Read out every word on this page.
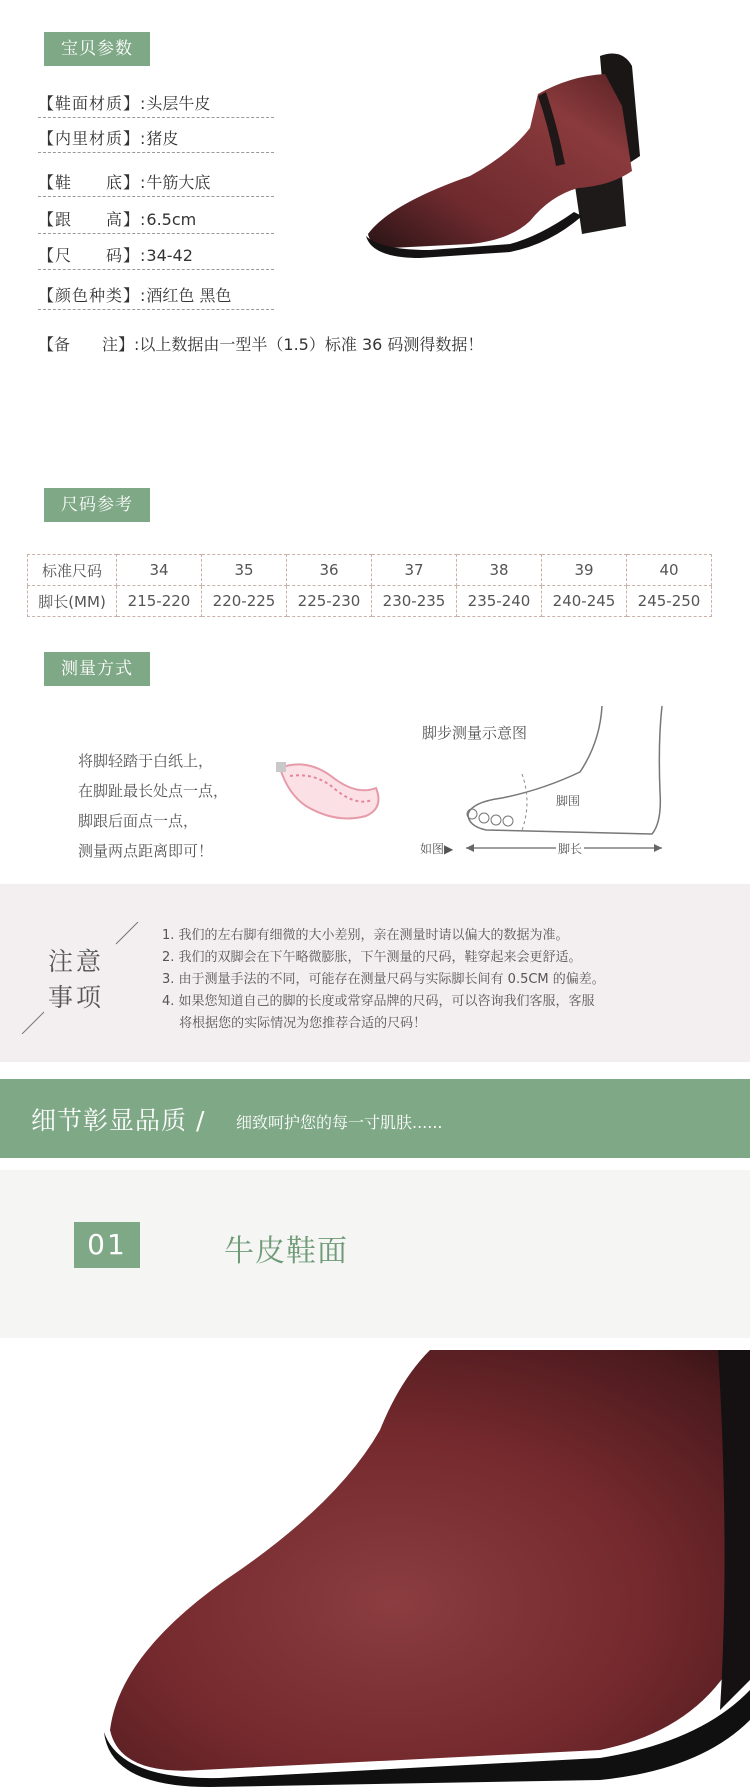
宝贝参数
【鞋面材质】:头层牛皮
【内里材质】:猪皮
【鞋　　底】:牛筋大底
【跟　　高】:6.5cm
【尺　　码】:34-42
【颜色种类】:酒红色 黑色
【备　　注】:以上数据由一型半（1.5）标准 36 码测得数据！
尺码参考
标准尺码	34	35	36	37	38	39	40
脚长(MM)	215-220	220-225	225-230	230-235	235-240	240-245	245-250
测量方式
将脚轻踏于白纸上，
在脚趾最长处点一点，
脚跟后面点一点，
测量两点距离即可！
脚步测量示意图
脚围
脚长
如图▶
注意
事项
1. 我们的左右脚有细微的大小差别，亲在测量时请以偏大的数据为准。
2. 我们的双脚会在下午略微膨胀，下午测量的尺码，鞋穿起来会更舒适。
3. 由于测量手法的不同，可能存在测量尺码与实际脚长间有 0.5CM 的偏差。
4. 如果您知道自己的脚的长度或常穿品牌的尺码，可以咨询我们客服，客服
　 将根据您的实际情况为您推荐合适的尺码！
细节彰显品质 / 细致呵护您的每一寸肌肤......
01	牛皮鞋面
